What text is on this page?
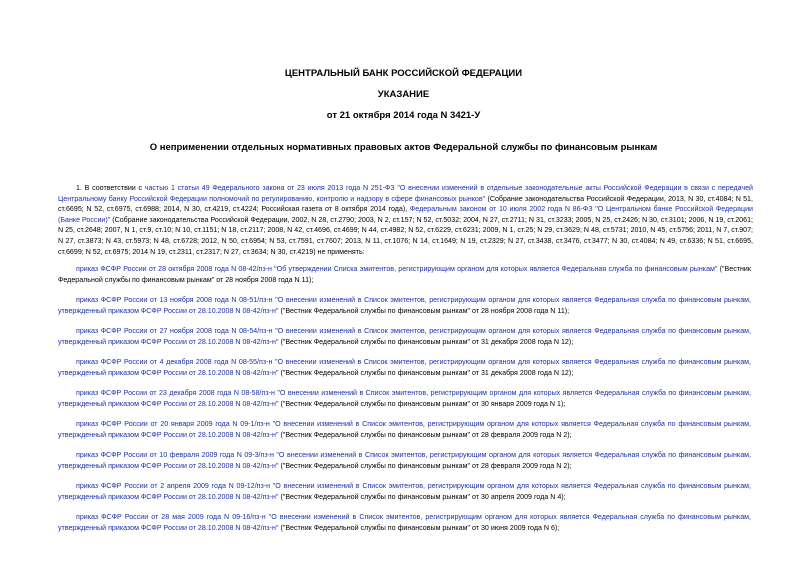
ЦЕНТРАЛЬНЫЙ БАНК РОССИЙСКОЙ ФЕДЕРАЦИИ
УКАЗАНИЕ
от 21 октября 2014 года N 3421-У
О неприменении отдельных нормативных правовых актов Федеральной службы по финансовым рынкам

1. В соответствии с частью 1 статьи 49 Федерального закона от 23 июля 2013 года N 251-ФЗ "О внесении изменений в отдельные законодательные акты Российской Федерации в связи с передачей Центральному банку Российской Федерации полномочий по регулированию, контролю и надзору в сфере финансовых рынков" (Собрание законодательства Российской Федерации, 2013, N 30, ст.4084; N 51, ст.6695; N 52, ст.6975, ст.6988; 2014, N 30, ст.4219, ст.4224; Российская газета от 8 октября 2014 года), Федеральным законом от 10 июля 2002 года N 86-ФЗ "О Центральном банке Российской Федерации (Банке России)" (Собрание законодательства Российской Федерации, 2002, N 28, ст.2790; 2003, N 2, ст.157; N 52, ст.5032; 2004, N 27, ст.2711; N 31, ст.3233; 2005, N 25, ст.2426; N 30, ст.3101; 2006, N 19, ст.2061; N 25, ст.2648; 2007, N 1, ст.9, ст.10; N 10, ст.1151; N 18, ст.2117; 2008, N 42, ст.4696, ст.4699; N 44, ст.4982; N 52, ст.6229, ст.6231; 2009, N 1, ст.25; N 29, ст.3629; N 48, ст.5731; 2010, N 45, ст.5756; 2011, N 7, ст.907; N 27, ст.3873; N 43, ст.5973; N 48, ст.6728; 2012, N 50, ст.6954; N 53, ст.7591, ст.7607; 2013, N 11, ст.1076; N 14, ст.1649; N 19, ст.2329; N 27, ст.3438, ст.3476, ст.3477; N 30, ст.4084; N 49, ст.6336; N 51, ст.6695, ст.6699; N 52, ст.6975; 2014 N 19, ст.2311, ст.2317; N 27, ст.3634; N 30, ст.4219) не применять:

приказ ФСФР России от 28 октября 2008 года N 08-42/пз-н "Об утверждении Списка эмитентов, регистрирующим органом для которых является Федеральная служба по финансовым рынкам" ("Вестник Федеральной службы по финансовым рынкам" от 28 ноября 2008 года N 11);

приказ ФСФР России от 13 ноября 2008 года N 08-51/пз-н "О внесении изменений в Список эмитентов, регистрирующим органом для которых является Федеральная служба по финансовым рынкам, утвержденный приказом ФСФР России от 28.10.2008 N 08-42/пз-н" ("Вестник Федеральной службы по финансовым рынкам" от 28 ноября 2008 года N 11);

приказ ФСФР России от 27 ноября 2008 года N 08-54/пз-н "О внесении изменений в Список эмитентов, регистрирующим органом для которых является Федеральная служба по финансовым рынкам, утвержденный приказом ФСФР России от 28.10.2008 N 08-42/пз-н" ("Вестник Федеральной службы по финансовым рынкам" от 31 декабря 2008 года N 12);

приказ ФСФР России от 4 декабря 2008 года N 08-55/пз-н "О внесении изменений в Список эмитентов, регистрирующим органом для которых является Федеральная служба по финансовым рынкам, утвержденный приказом ФСФР России от 28.10.2008 N 08-42/пз-н" ("Вестник Федеральной службы по финансовым рынкам" от 31 декабря 2008 года N 12);

приказ ФСФР России от 23 декабря 2008 года N 08-58/пз-н "О внесении изменений в Список эмитентов, регистрирующим органом для которых является Федеральная служба по финансовым рынкам, утвержденный приказом ФСФР России от 28.10.2008 N 08-42/пз-н" ("Вестник Федеральной службы по финансовым рынкам" от 30 января 2009 года N 1);

приказ ФСФР России от 20 января 2009 года N 09-1/пз-н "О внесении изменений в Список эмитентов, регистрирующим органом для которых является Федеральная служба по финансовым рынкам, утвержденный приказом ФСФР России от 28.10.2008 N 08-42/пз-н" ("Вестник Федеральной службы по финансовым рынкам" от 28 февраля 2009 года N 2);

приказ ФСФР России от 10 февраля 2009 года N 09-3/пз-н "О внесении изменений в Список эмитентов, регистрирующим органом для которых является Федеральная служба по финансовым рынкам, утвержденный приказом ФСФР России от 28.10.2008 N 08-42/пз-н" ("Вестник Федеральной службы по финансовым рынкам" от 28 февраля 2009 года N 2);

приказ ФСФР России от 2 апреля 2009 года N 09-12/пз-н "О внесении изменений в Список эмитентов, регистрирующим органом для которых является Федеральная служба по финансовым рынкам, утвержденный приказом ФСФР России от 28.10.2008 N 08-42/пз-н" ("Вестник Федеральной службы по финансовым рынкам" от 30 апреля 2009 года N 4);

приказ ФСФР России от 28 мая 2009 года N 09-16/пз-н "О внесении изменений в Список эмитентов, регистрирующим органом для которых является Федеральная служба по финансовым рынкам, утвержденный приказом ФСФР России от 28.10.2008 N 08-42/пз-н" ("Вестник Федеральной службы по финансовым рынкам" от 30 июня 2009 года N 6);
